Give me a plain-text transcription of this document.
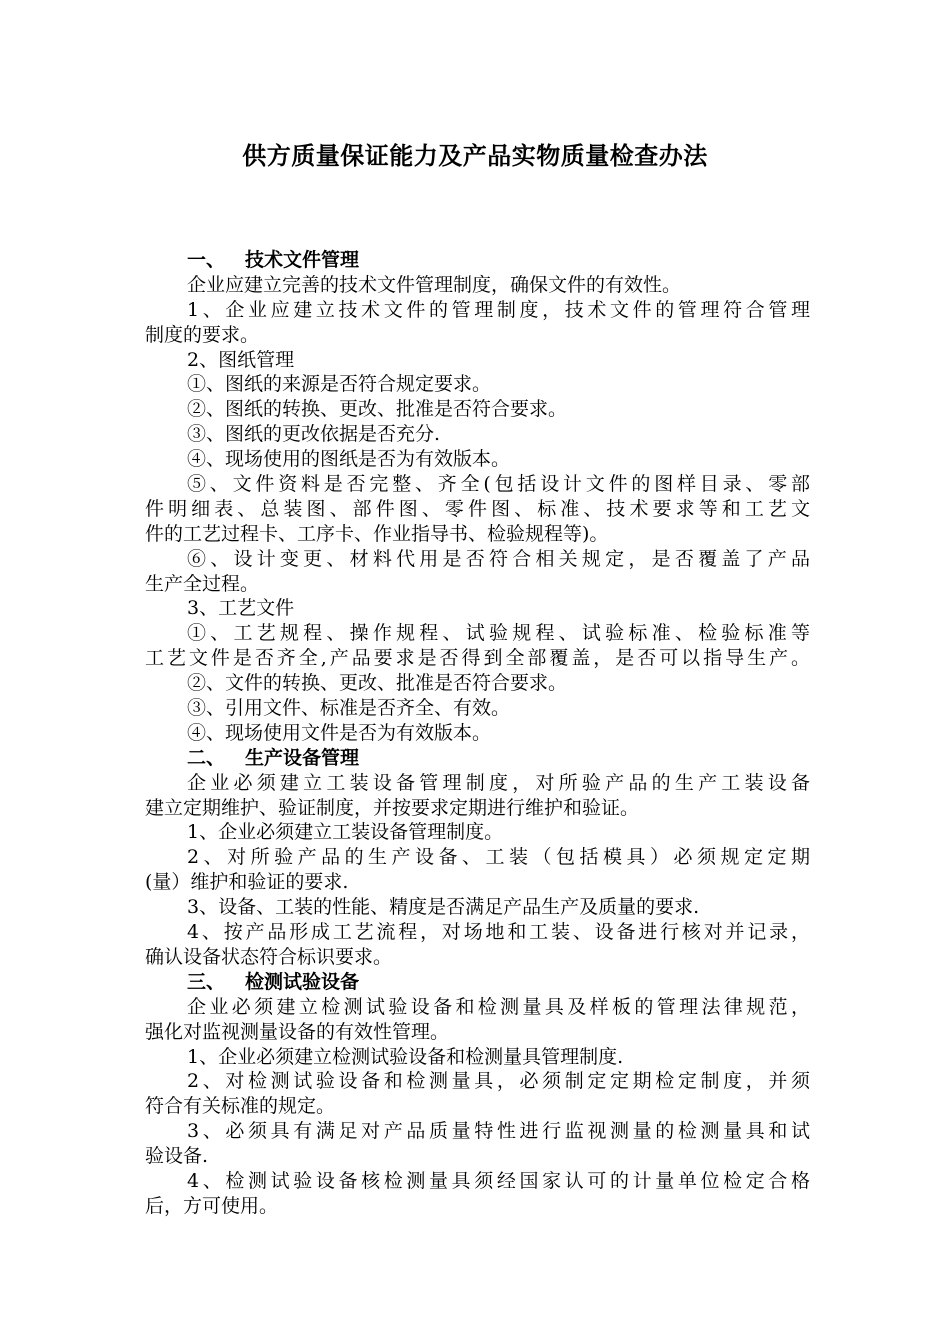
供方质量保证能力及产品实物质量检查办法
一、 技术文件管理
企业应建立完善的技术文件管理制度，确保文件的有效性。
1、企业应建立技术文件的管理制度，技术文件的管理符合管理
制度的要求。
2、图纸管理
①、图纸的来源是否符合规定要求。
②、图纸的转换、更改、批准是否符合要求。
③、图纸的更改依据是否充分.
④、现场使用的图纸是否为有效版本。
⑤、文件资料是否完整、齐全(包括设计文件的图样目录、零部
件明细表、总装图、部件图、零件图、标准、技术要求等和工艺文
件的工艺过程卡、工序卡、作业指导书、检验规程等)。
⑥、设计变更、材料代用是否符合相关规定，是否覆盖了产品
生产全过程。
3、工艺文件
①、工艺规程、操作规程、试验规程、试验标准、检验标准等
工艺文件是否齐全,产品要求是否得到全部覆盖，是否可以指导生产。
②、文件的转换、更改、批准是否符合要求。
③、引用文件、标准是否齐全、有效。
④、现场使用文件是否为有效版本。
二、 生产设备管理
企业必须建立工装设备管理制度，对所验产品的生产工装设备
建立定期维护、验证制度，并按要求定期进行维护和验证。
1、企业必须建立工装设备管理制度。
2、对所验产品的生产设备、工装（包括模具）必须规定定期
(量）维护和验证的要求.
3、设备、工装的性能、精度是否满足产品生产及质量的要求.
4、按产品形成工艺流程，对场地和工装、设备进行核对并记录，
确认设备状态符合标识要求。
三、 检测试验设备
企业必须建立检测试验设备和检测量具及样板的管理法律规范，
强化对监视测量设备的有效性管理。
1、企业必须建立检测试验设备和检测量具管理制度.
2、对检测试验设备和检测量具，必须制定定期检定制度，并须
符合有关标准的规定。
3、必须具有满足对产品质量特性进行监视测量的检测量具和试
验设备.
4、检测试验设备核检测量具须经国家认可的计量单位检定合格
后，方可使用。
